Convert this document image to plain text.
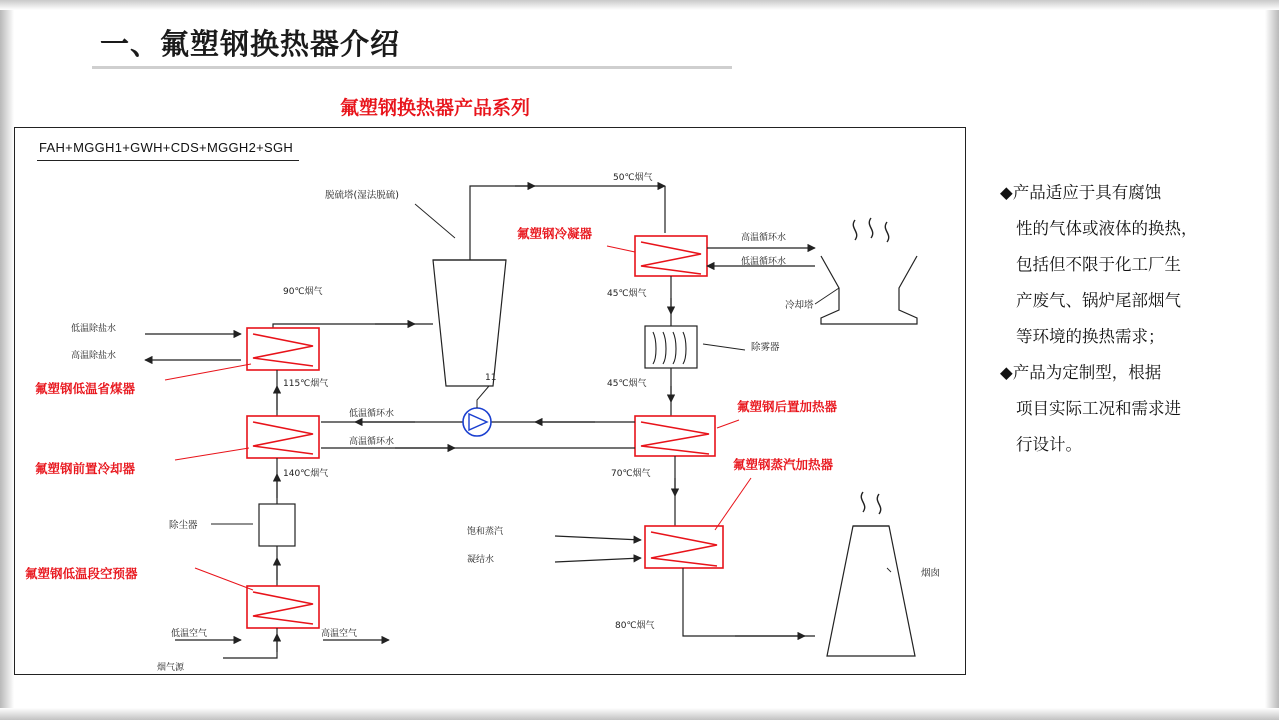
一、氟塑钢换热器介绍
氟塑钢换热器产品系列
FAH+MGGH1+GWH+CDS+MGGH2+SGH
氟塑钢冷凝器
氟塑钢低温省煤器
氟塑钢前置冷却器
氟塑钢低温段空预器
氟塑钢后置加热器
氟塑钢蒸汽加热器
脱硫塔(湿法脱硫)
冷却塔
除雾器
除尘器
烟囱
50℃烟气
90℃烟气
115℃烟气
140℃烟气
45℃烟气
45℃烟气
70℃烟气
80℃烟气
高温循环水
低温循环水
低温循环水
高温循环水
低温除盐水
高温除盐水
低温空气	高温空气
烟气源
饱和蒸汽
凝结水
11

◆产品适应于具有腐蚀

性的气体或液体的换热，

包括但不限于化工厂生

产废气、锅炉尾部烟气

等环境的换热需求；

◆产品为定制型，根据

项目实际工况和需求进

行设计。
